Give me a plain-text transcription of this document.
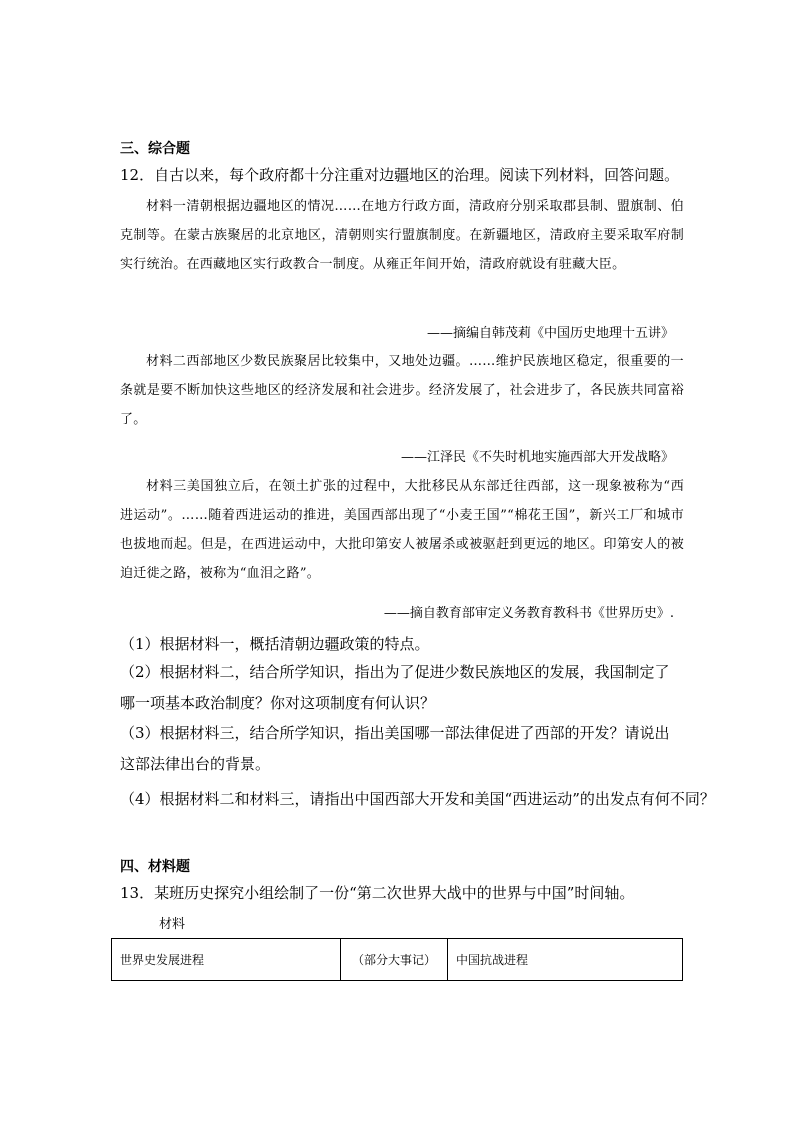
三、综合题
12．自古以来，每个政府都十分注重对边疆地区的治理。阅读下列材料，回答问题。

材料一清朝根据边疆地区的情况……在地方行政方面，清政府分别采取郡县制、盟旗制、伯克制等。在蒙古族聚居的北京地区，清朝则实行盟旗制度。在新疆地区，清政府主要采取军府制实行统治。在西藏地区实行政教合一制度。从雍正年间开始，清政府就设有驻藏大臣。

——摘编自韩茂莉《中国历史地理十五讲》

材料二西部地区少数民族聚居比较集中，又地处边疆。……维护民族地区稳定，很重要的一条就是要不断加快这些地区的经济发展和社会进步。经济发展了，社会进步了，各民族共同富裕了。

——江泽民《不失时机地实施西部大开发战略》

材料三美国独立后，在领土扩张的过程中，大批移民从东部迁往西部，这一现象被称为“西进运动”。……随着西进运动的推进，美国西部出现了“小麦王国”“棉花王国”，新兴工厂和城市也拔地而起。但是，在西进运动中，大批印第安人被屠杀或被驱赶到更远的地区。印第安人的被迫迁徙之路，被称为“血泪之路”。

——摘自教育部审定义务教育教科书《世界历史》.
（1）根据材料一，概括清朝边疆政策的特点。

（2）根据材料二，结合所学知识，指出为了促进少数民族地区的发展，我国制定了哪一项基本政治制度？你对这项制度有何认识？

（3）根据材料三，结合所学知识，指出美国哪一部法律促进了西部的开发？请说出这部法律出台的背景。

（4）根据材料二和材料三，请指出中国西部大开发和美国“西进运动”的出发点有何不同？
四、材料题
13．某班历史探究小组绘制了一份“第二次世界大战中的世界与中国”时间轴。
材料
世界史发展进程	（部分大事记）	中国抗战进程
